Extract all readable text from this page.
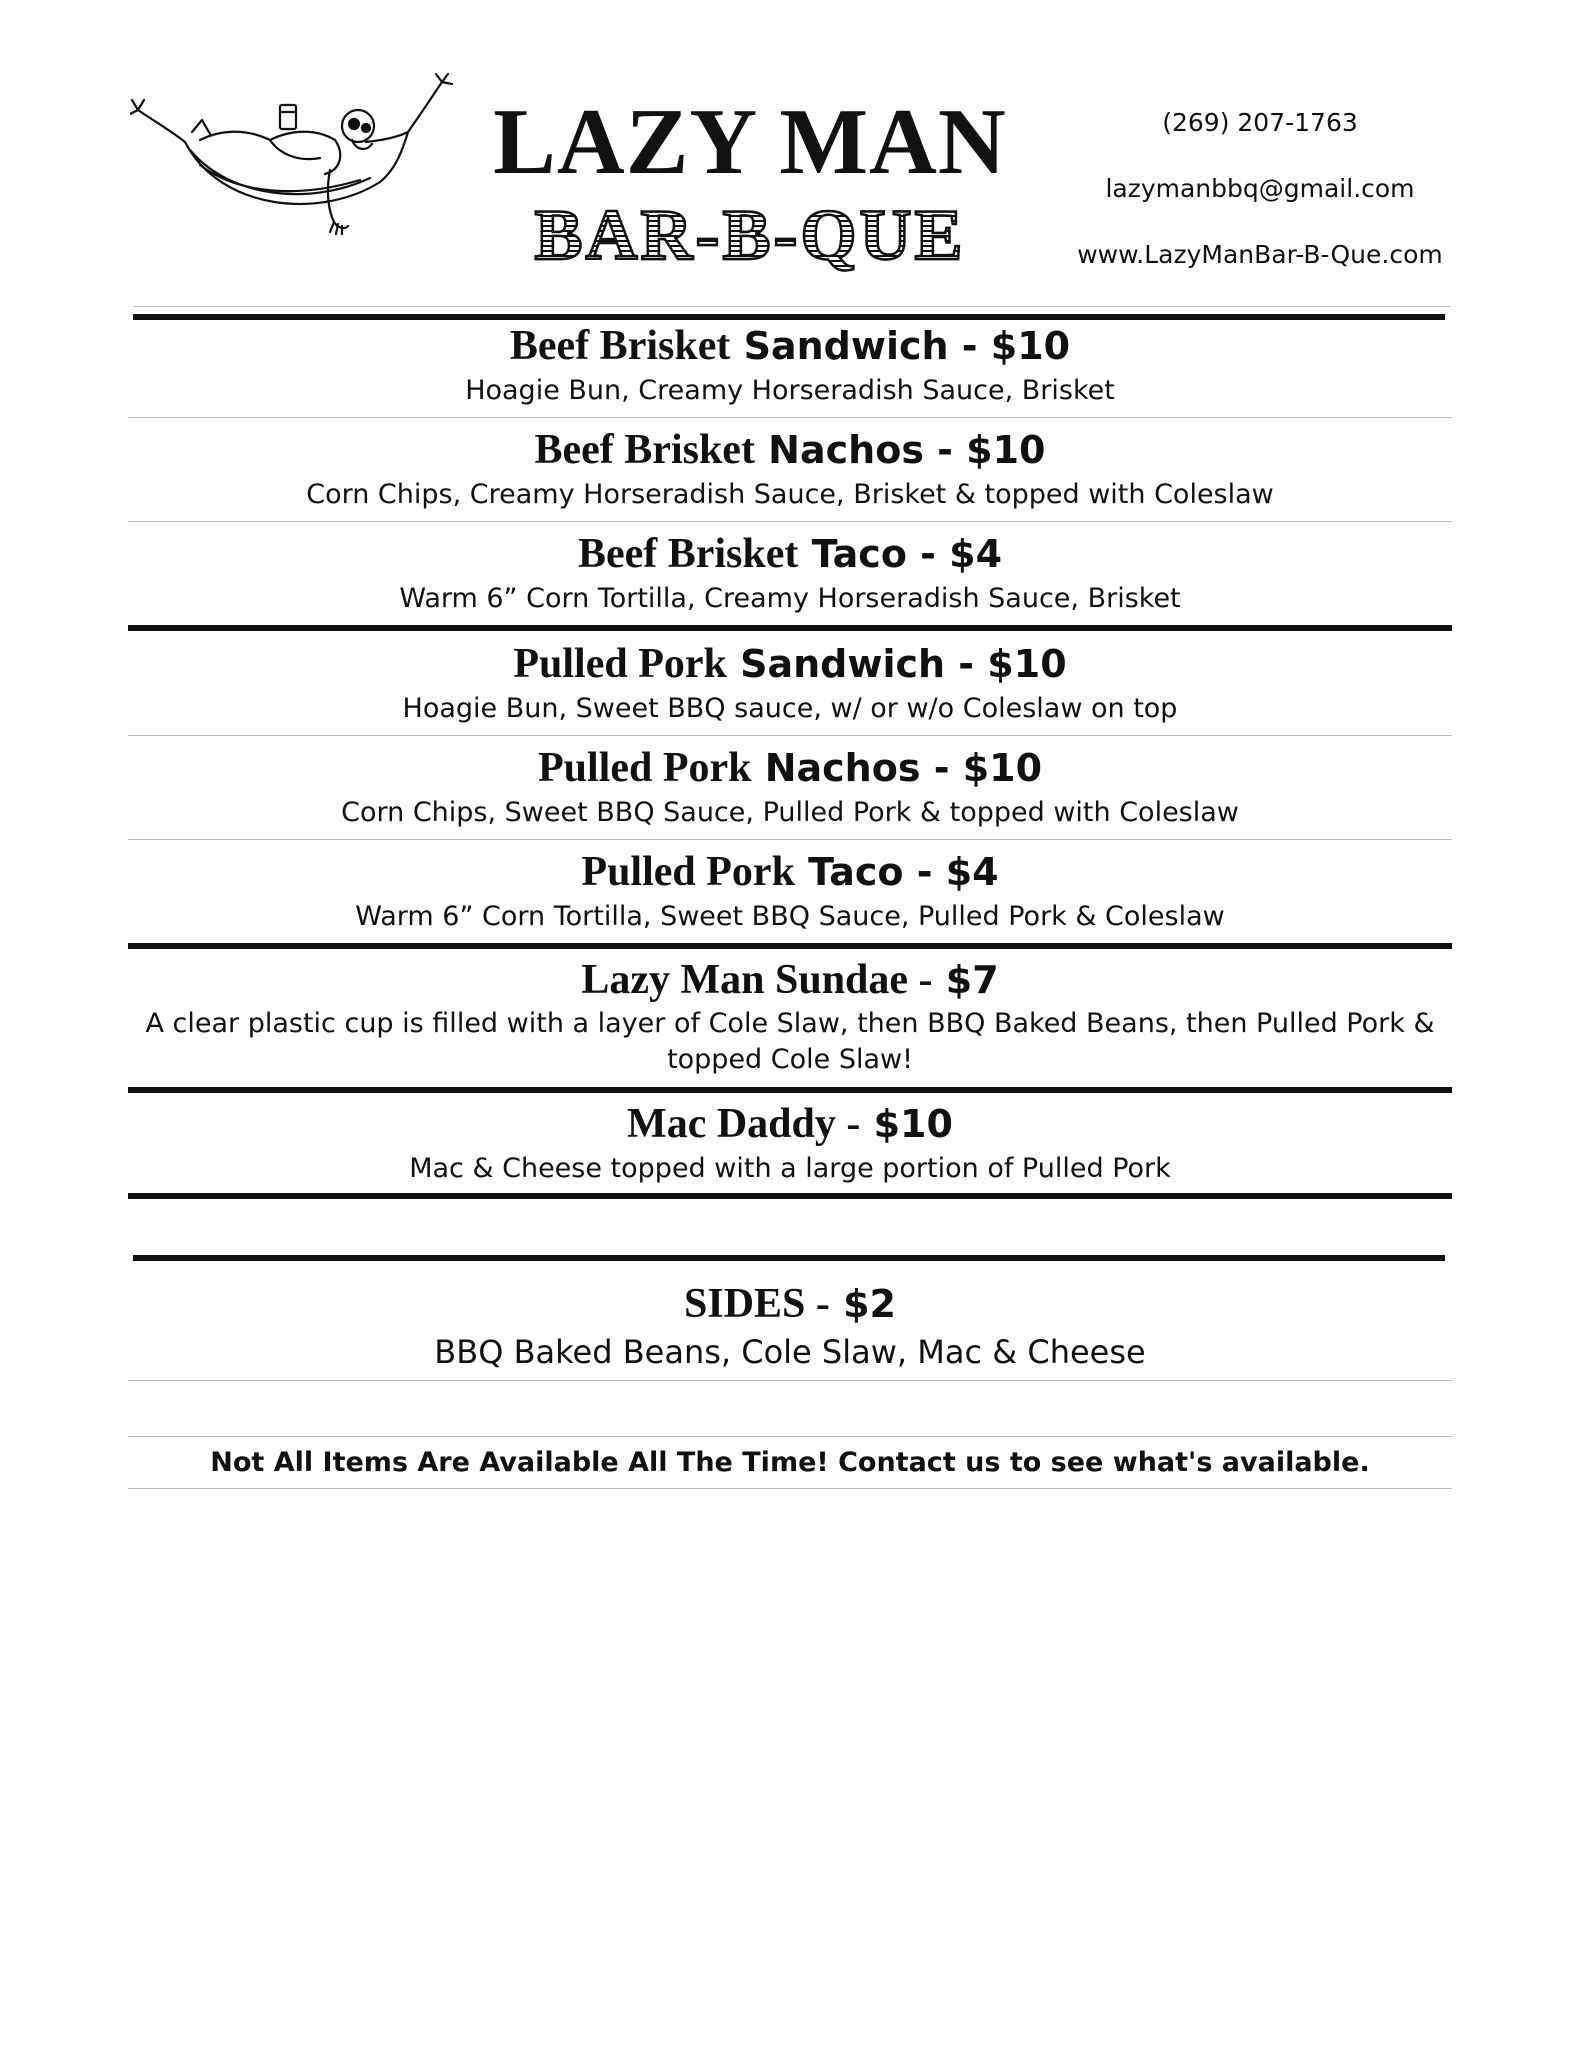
LAZY MAN
BAR-B-QUE
(269) 207-1763
lazymanbbq@gmail.com
www.LazyManBar-B-Que.com
Beef Brisket Sandwich - $10
Hoagie Bun, Creamy Horseradish Sauce, Brisket
Beef Brisket Nachos - $10
Corn Chips, Creamy Horseradish Sauce, Brisket & topped with Coleslaw
Beef Brisket Taco - $4
Warm 6” Corn Tortilla, Creamy Horseradish Sauce, Brisket
Pulled Pork Sandwich - $10
Hoagie Bun, Sweet BBQ sauce, w/ or w/o Coleslaw on top
Pulled Pork Nachos - $10
Corn Chips, Sweet BBQ Sauce, Pulled Pork & topped with Coleslaw
Pulled Pork Taco - $4
Warm 6” Corn Tortilla, Sweet BBQ Sauce, Pulled Pork & Coleslaw
Lazy Man Sundae - $7
A clear plastic cup is filled with a layer of Cole Slaw, then BBQ Baked Beans, then Pulled Pork & topped Cole Slaw!
Mac Daddy - $10
Mac & Cheese topped with a large portion of Pulled Pork
SIDES - $2
BBQ Baked Beans, Cole Slaw, Mac & Cheese
Not All Items Are Available All The Time! Contact us to see what's available.
